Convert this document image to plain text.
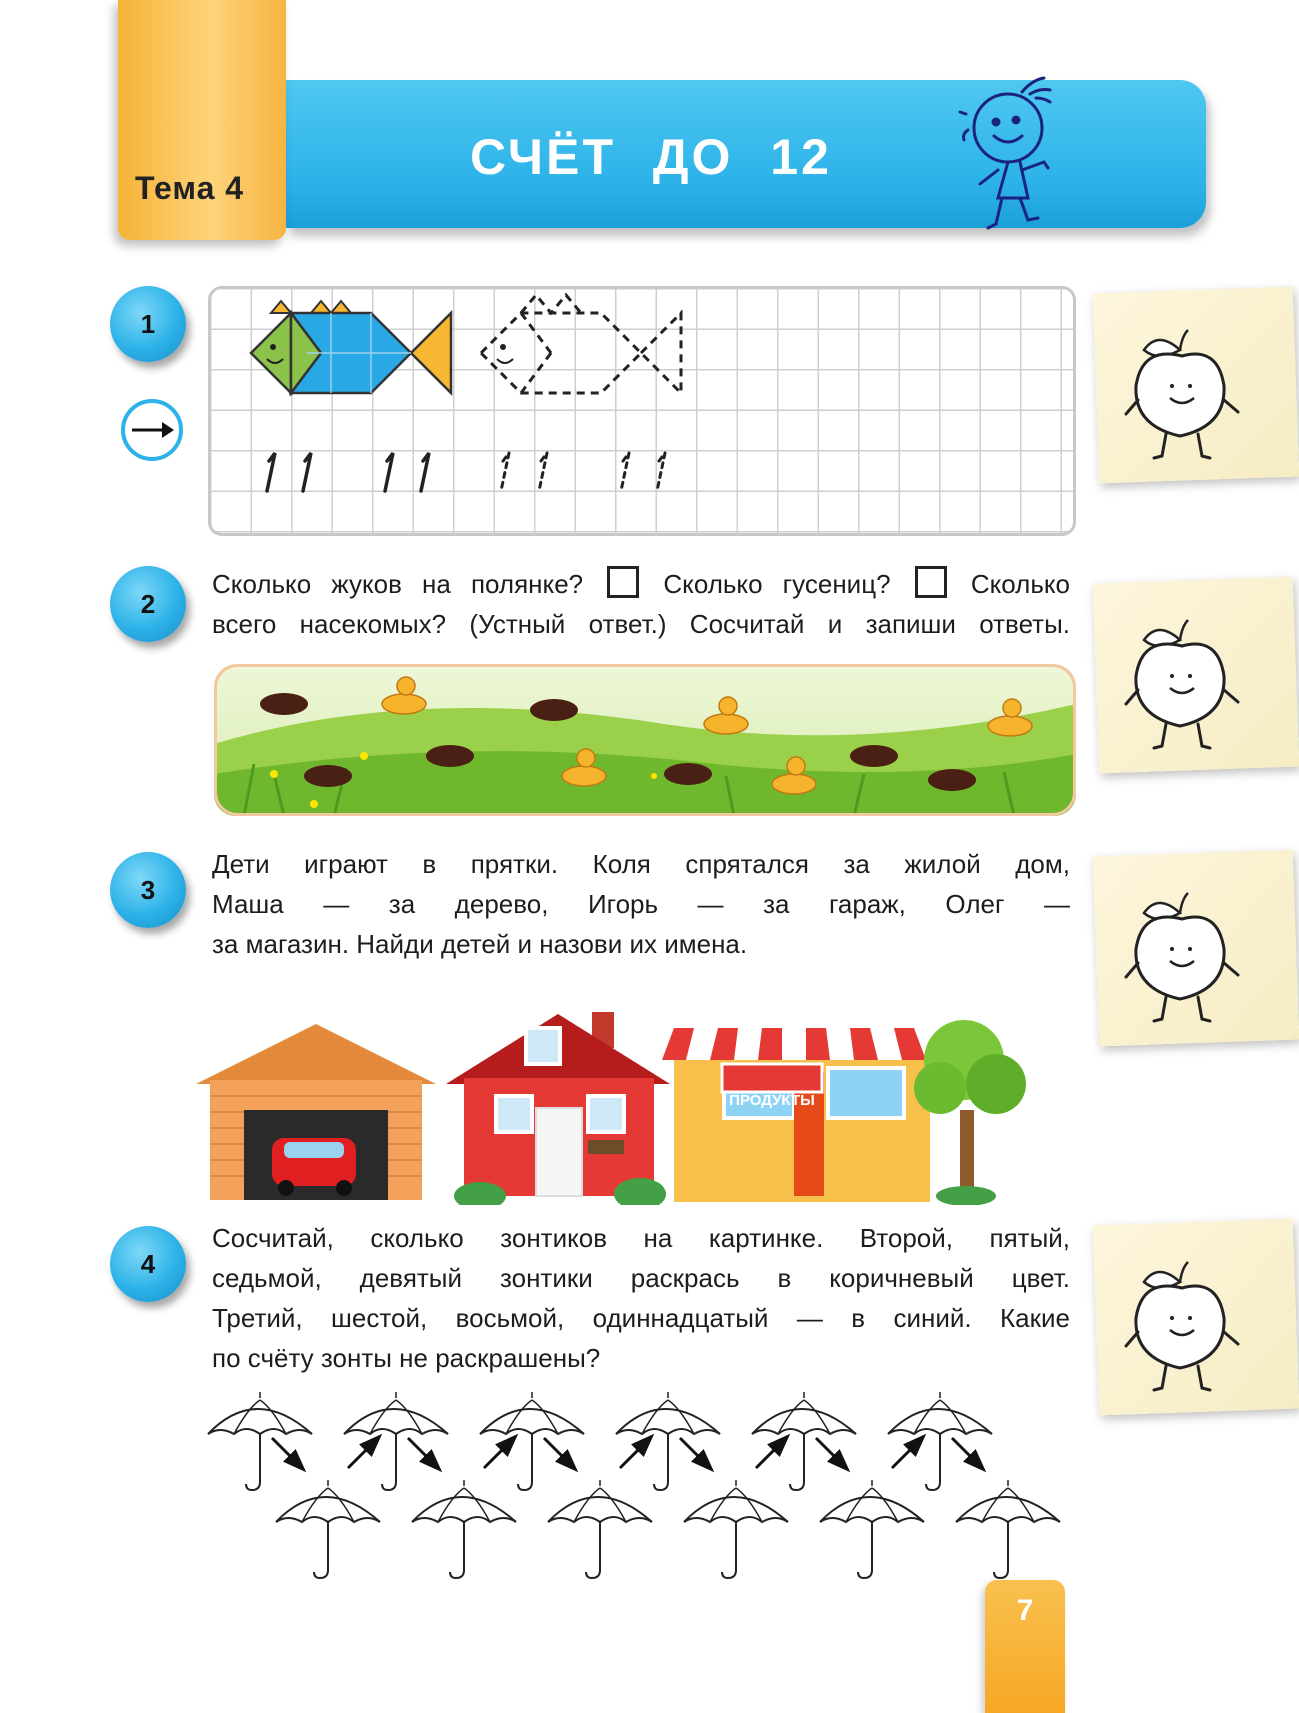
Тема 4
СЧЁТ ДО 12
1
2
Сколько жуков на полянке?	Сколько гусениц?	Сколько
всего насекомых? (Устный ответ.) Сосчитай и запиши ответы.
3
Дети играют в прятки. Коля спрятался за жилой дом,
Маша — за дерево, Игорь — за гараж, Олег —
за магазин. Найди детей и назови их имена.
ПРОДУКТЫ
4
Сосчитай, сколько зонтиков на картинке. Второй, пятый,
седьмой, девятый зонтики раскрась в коричневый цвет.
Третий, шестой, восьмой, одиннадцатый — в синий. Какие
по счёту зонты не раскрашены?
7
